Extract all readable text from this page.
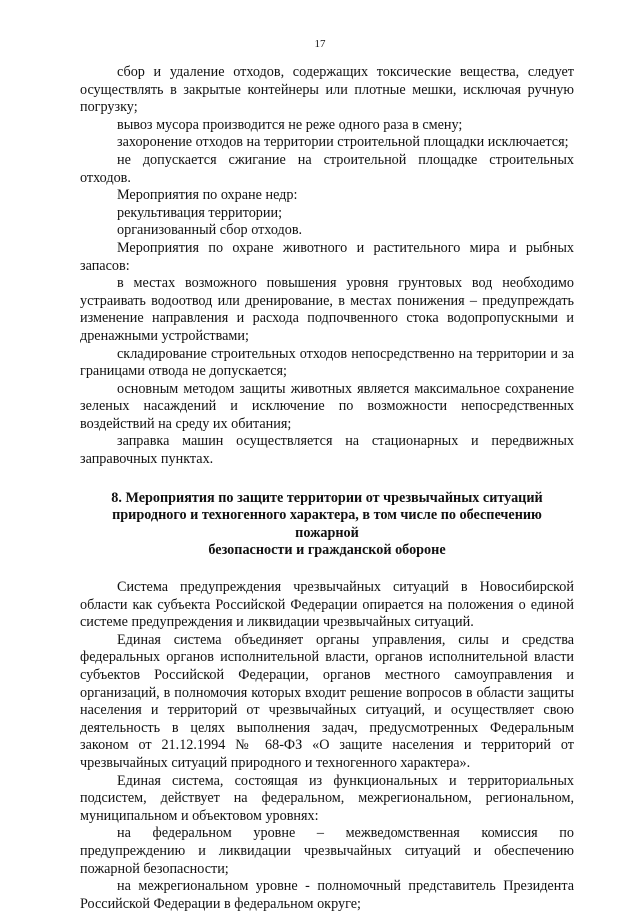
17

сбор и удаление отходов, содержащих токсические вещества, следует осуществлять в закрытые контейнеры или плотные мешки, исключая ручную погрузку;

вывоз мусора производится не реже одного раза в смену;

захоронение отходов на территории строительной площадки исключается;

не допускается сжигание на строительной площадке строительных отходов.

Мероприятия по охране недр:

рекультивация территории;

организованный сбор отходов.

Мероприятия по охране животного и растительного мира и рыбных запасов:

в местах возможного повышения уровня грунтовых вод необходимо устраивать водоотвод или дренирование, в местах понижения – предупреждать изменение направления и расхода подпочвенного стока водопропускными и дренажными устройствами;

складирование строительных отходов непосредственно на территории и за границами отвода не допускается;

основным методом защиты животных является максимальное сохранение зеленых насаждений и исключение по возможности непосредственных воздействий на среду их обитания;

заправка машин осуществляется на стационарных и передвижных заправочных пунктах.

8. Мероприятия по защите территории от чрезвычайных ситуаций
природного и техногенного характера, в том числе по обеспечению пожарной
безопасности и гражданской обороне

Система предупреждения чрезвычайных ситуаций в Новосибирской области как субъекта Российской Федерации опирается на положения о единой системе предупреждения и ликвидации чрезвычайных ситуаций.

Единая система объединяет органы управления, силы и средства федеральных органов исполнительной власти, органов исполнительной власти субъектов Российской Федерации, органов местного самоуправления и организаций, в полномочия которых входит решение вопросов в области защиты населения и территорий от чрезвычайных ситуаций, и осуществляет свою деятельность в целях выполнения задач, предусмотренных Федеральным законом от 21.12.1994 № 68-ФЗ «О защите населения и территорий от чрезвычайных ситуаций природного и техногенного характера».

Единая система, состоящая из функциональных и территориальных подсистем, действует на федеральном, межрегиональном, региональном, муниципальном и объектовом уровнях:

на федеральном уровне – межведомственная комиссия по предупреждению и ликвидации чрезвычайных ситуаций и обеспечению пожарной безопасности;

на межрегиональном уровне - полномочный представитель Президента Российской Федерации в федеральном округе;
